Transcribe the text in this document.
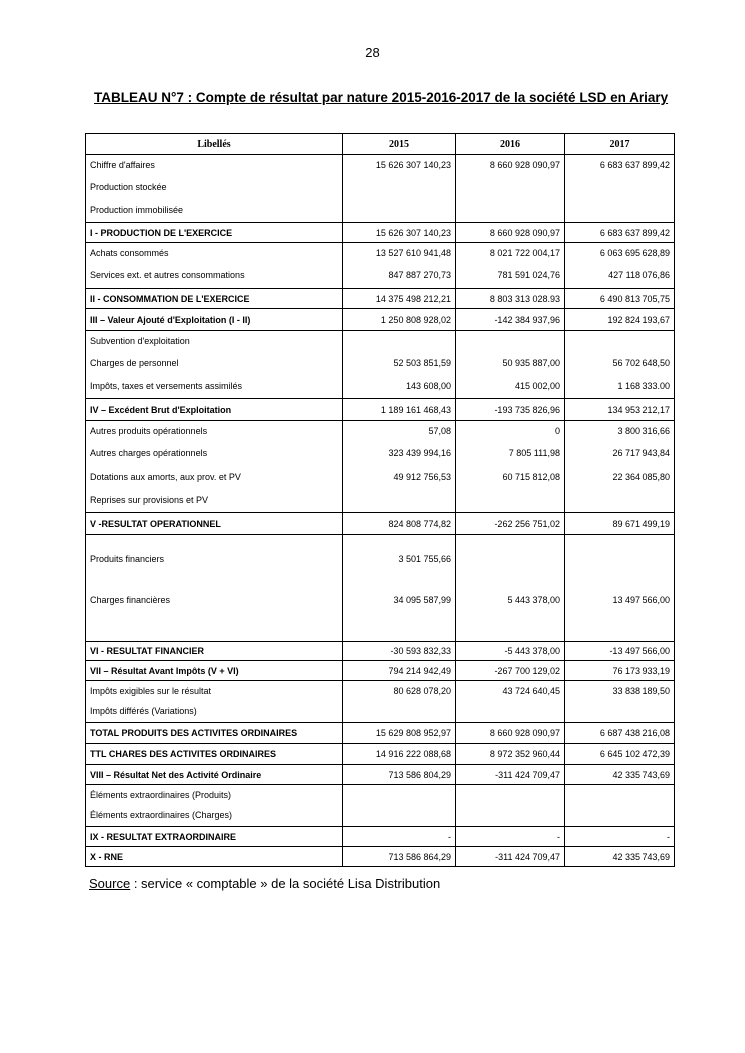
28
TABLEAU N°7 : Compte de résultat par nature 2015-2016-2017 de la société LSD en Ariary
Libellés	2015	2016	2017
Chiffre d'affaires	15 626 307 140,23	8 660 928 090,97	6 683 637 899,42
Production stockée			
Production immobilisée			
I - PRODUCTION DE L'EXERCICE	15 626 307 140,23	8 660 928 090,97	6 683 637 899,42
Achats consommés	13 527 610 941,48	8 021 722 004,17	6 063 695 628,89
Services ext. et autres consommations	847 887 270,73	781 591 024,76	427 118 076,86
II - CONSOMMATION DE L'EXERCICE	14 375 498 212,21	8 803 313 028.93	6 490 813 705,75
III – Valeur Ajouté d'Exploitation (I - II)	1 250 808 928,02	-142 384 937,96	192 824 193,67
Subvention d'exploitation			
Charges de personnel	52 503 851,59	50 935 887,00	56 702 648,50
Impôts, taxes et versements assimilés	143 608,00	415 002,00	1 168 333.00
IV – Excédent Brut d'Exploitation	1 189 161 468,43	-193 735 826,96	134 953 212,17
Autres produits opérationnels	57,08	0	3 800 316,66
Autres charges opérationnels	323 439 994,16	7 805 111,98	26 717 943,84
Dotations aux amorts, aux prov. et PV	49 912 756,53	60 715 812,08	22 364 085,80
Reprises sur provisions et PV			
V -RESULTAT OPERATIONNEL	824 808 774,82	-262 256 751,02	89 671 499,19
Produits financiers	3 501 755,66		
Charges financières	34 095 587,99	5 443 378,00	13 497 566,00

VI - RESULTAT FINANCIER	-30 593 832,33	-5 443 378,00	-13 497 566,00
VII – Résultat Avant Impôts (V + VI)	794 214 942,49	-267 700 129,02	76 173 933,19
Impôts exigibles sur le résultat	80 628 078,20	43 724 640,45	33 838 189,50
Impôts différés (Variations)			
TOTAL PRODUITS DES ACTIVITES ORDINAIRES	15 629 808 952,97	8 660 928 090,97	6 687 438 216,08
TTL CHARES DES ACTIVITES ORDINAIRES	14 916 222 088,68	8 972 352 960,44	6 645 102 472,39
VIII – Résultat Net des Activité Ordinaire	713 586 804,29	-311 424 709,47	42 335 743,69
Éléments extraordinaires (Produits)			
Éléments extraordinaires (Charges)			
IX - RESULTAT EXTRAORDINAIRE	-	-	-
X - RNE	713 586 864,29	-311 424 709,47	42 335 743,69
Source : service « comptable » de la société Lisa Distribution
